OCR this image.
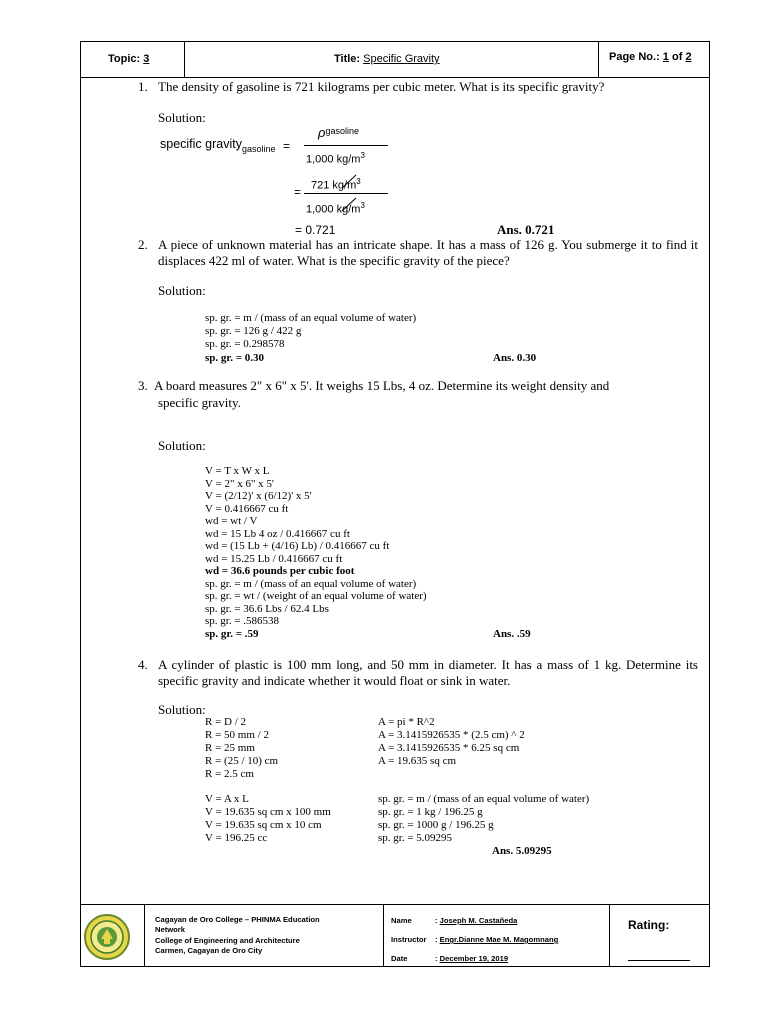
Topic: 3	Title: Specific Gravity	Page No.: 1 of 2
1. The density of gasoline is 721 kilograms per cubic meter. What is its specific gravity?
Solution:
specific gravity$_{gasoline}$ =
$\rho^{gasoline}$
1,000 $kg/m^3$
= 721 $kg/m^3$
1,000 $kg/m^3$
= 0.721	Ans. 0.721
2. A piece of unknown material has an intricate shape. It has a mass of 126 g. You submerge it to find it displaces 422 ml of water. What is the specific gravity of the piece?
Solution:
sp. gr. = m / (mass of an equal volume of water)
sp. gr. = 126 g / 422 g
sp. gr. = 0.298578
sp. gr. = 0.30	Ans. 0.30
3. A board measures 2" x 6" x 5'. It weighs 15 Lbs, 4 oz. Determine its weight density and
specific gravity.
Solution:
V = T x W x L
V = 2" x 6" x 5'
V = (2/12)' x (6/12)' x 5'
V = 0.416667 cu ft
wd = wt / V
wd = 15 Lb 4 oz / 0.416667 cu ft
wd = (15 Lb + (4/16) Lb) / 0.416667 cu ft
wd = 15.25 Lb / 0.416667 cu ft
wd = 36.6 pounds per cubic foot
sp. gr. = m / (mass of an equal volume of water)
sp. gr. = wt / (weight of an equal volume of water)
sp. gr. = 36.6 Lbs / 62.4 Lbs
sp. gr. = .586538
sp. gr. = .59	Ans. .59
4. A cylinder of plastic is 100 mm long, and 50 mm in diameter. It has a mass of 1 kg. Determine its specific gravity and indicate whether it would float or sink in water.
Solution:
R = D / 2
R = 50 mm / 2
R = 25 mm
R = (25 / 10) cm
R = 2.5 cm
A = pi * R^2
A = 3.1415926535 * (2.5 cm) ^ 2
A = 3.1415926535 * 6.25 sq cm
A = 19.635 sq cm
V = A x L
V = 19.635 sq cm x 100 mm
V = 19.635 sq cm x 10 cm
V = 196.25 cc
sp. gr. = m / (mass of an equal volume of water)
sp. gr. = 1 kg / 196.25 g
sp. gr. = 1000 g / 196.25 g
sp. gr. = 5.09295
Ans. 5.09295
Cagayan de Oro College – PHINMA Education
Network
College of Engineering and Architecture
Carmen, Cagayan de Oro City
Name	: Joseph M. Castañeda
Instructor : Engr.Dianne Mae M. Magomnang
Date	: December 19, 2019
Rating:
